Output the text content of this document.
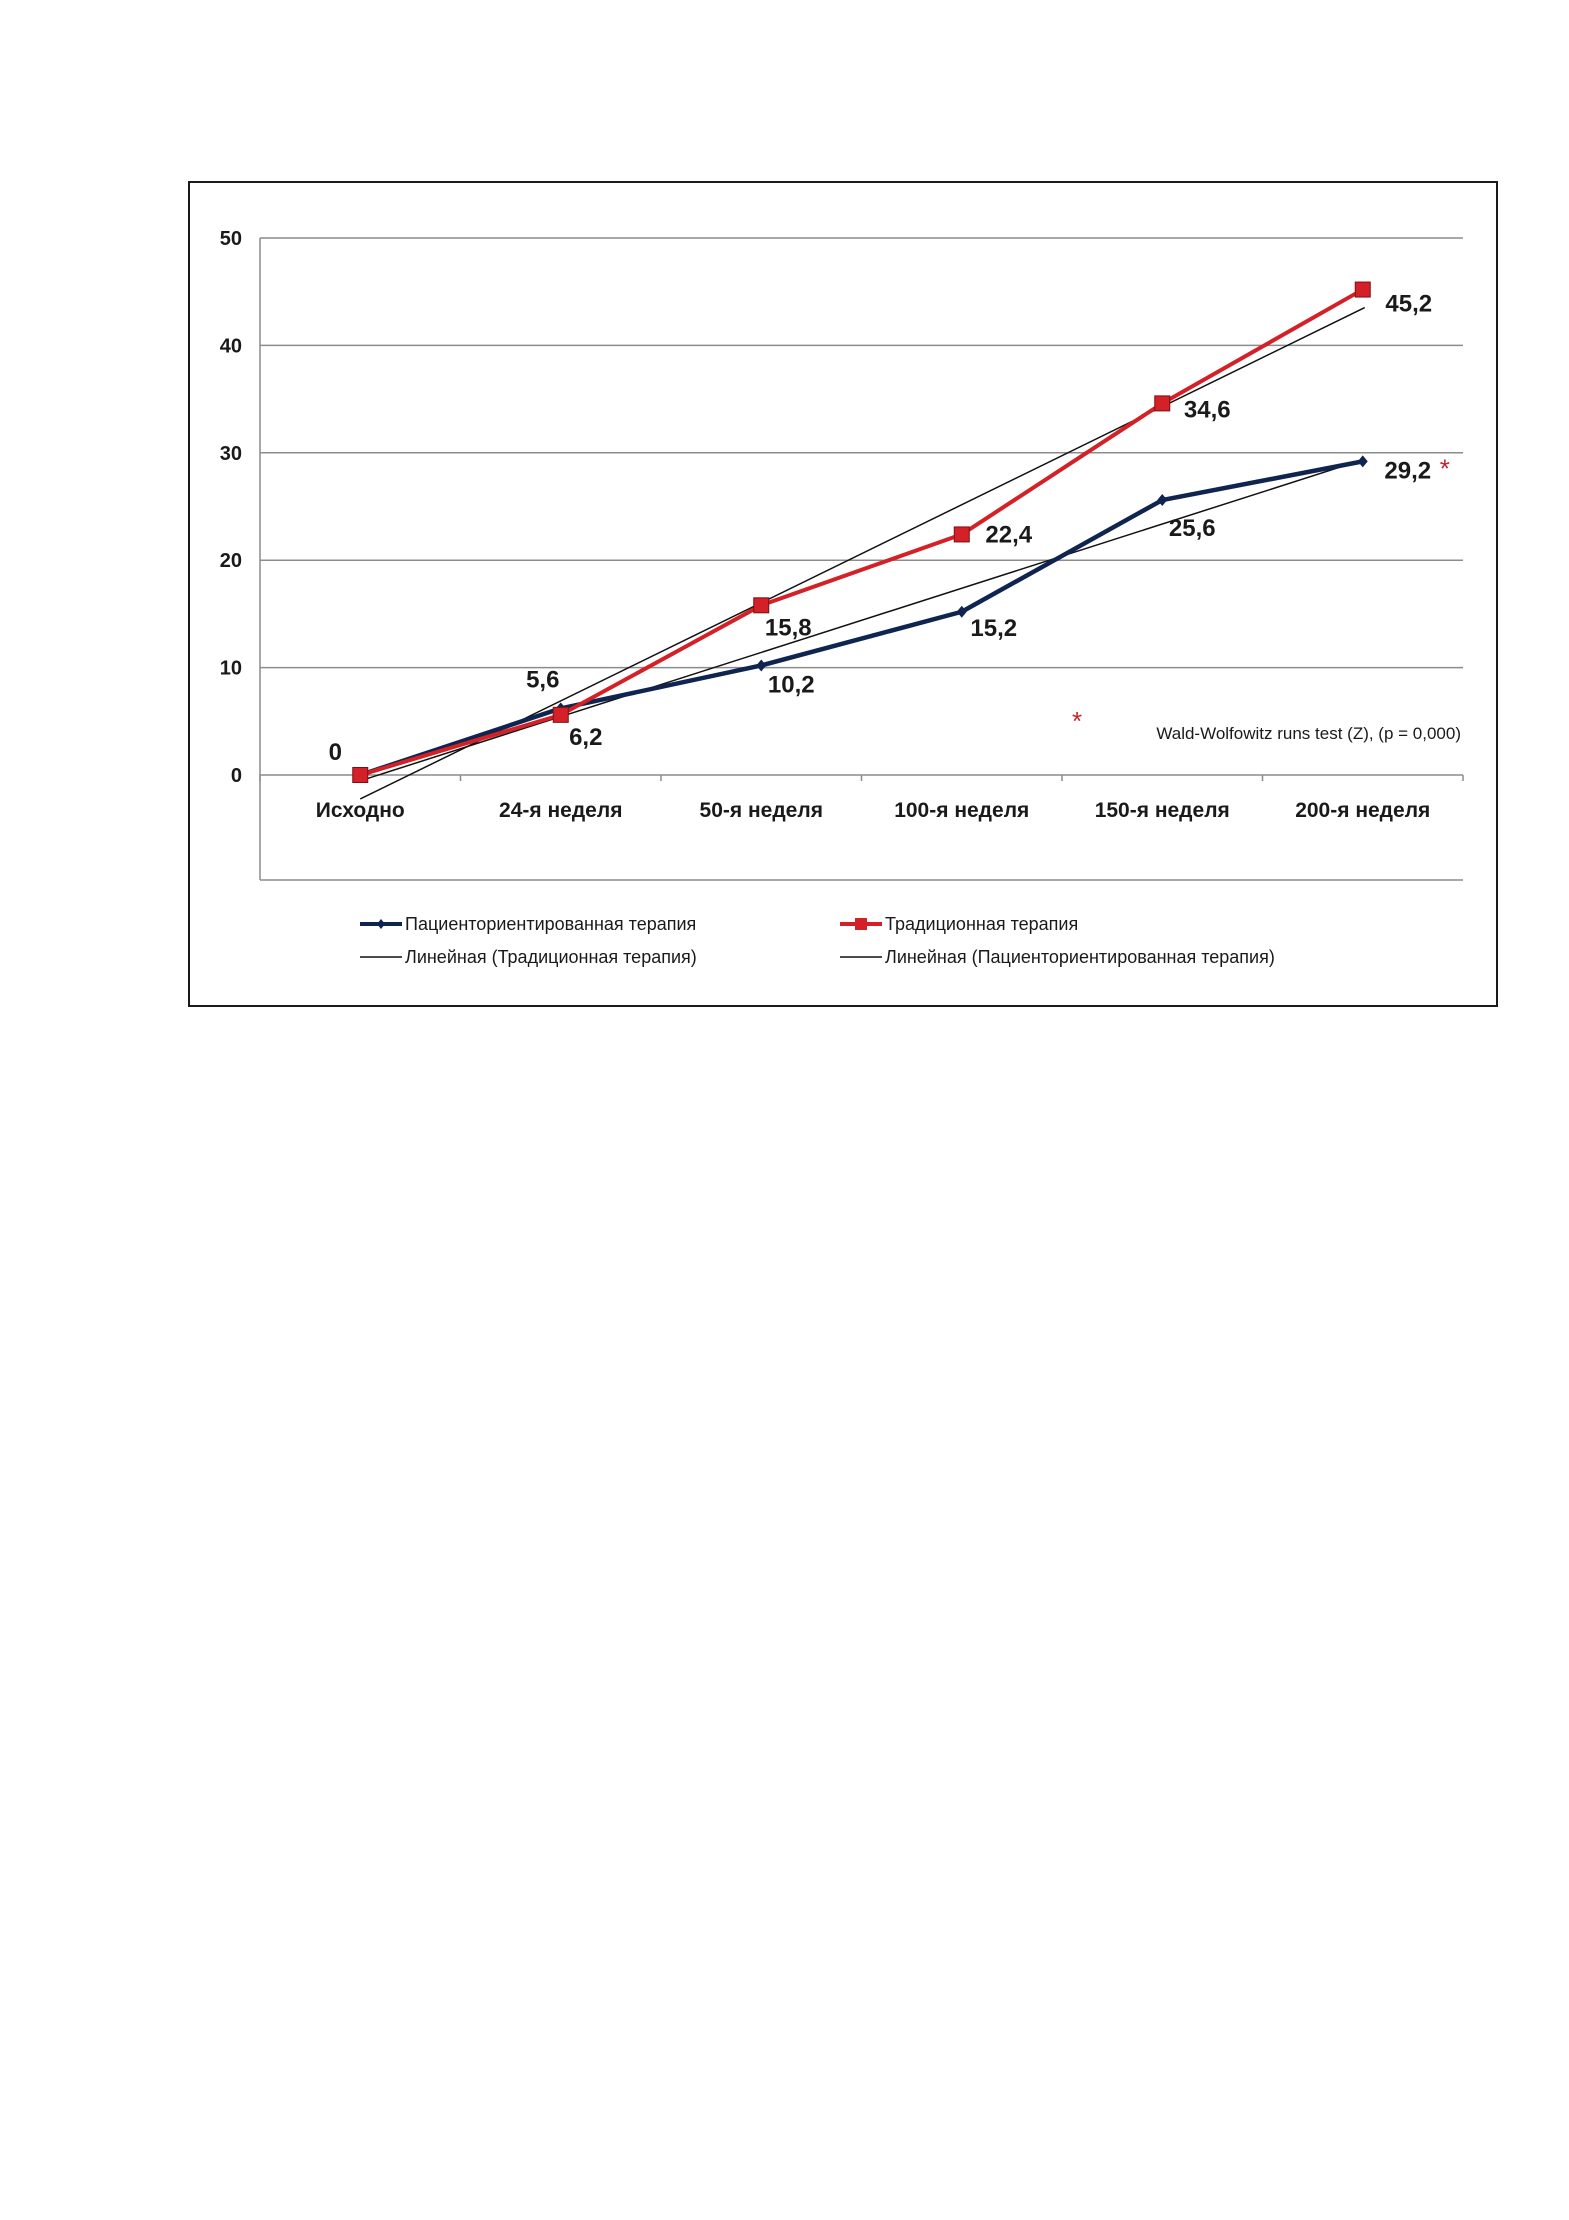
0
10
20
30
40
50
Исходно	24-я неделя	50-я неделя	100-я неделя	150-я неделя	200-я неделя
5,6	10,2
15,2
25,6
29,2
0
6,2
15,8
22,4
34,6
45,2
*
*	Wald-Wolfowitz runs test (Z), (p = 0,000)
Пациенториентированная терапия	Традиционная терапия
Линейная (Традиционная терапия)	Линейная (Пациенториентированная терапия)
